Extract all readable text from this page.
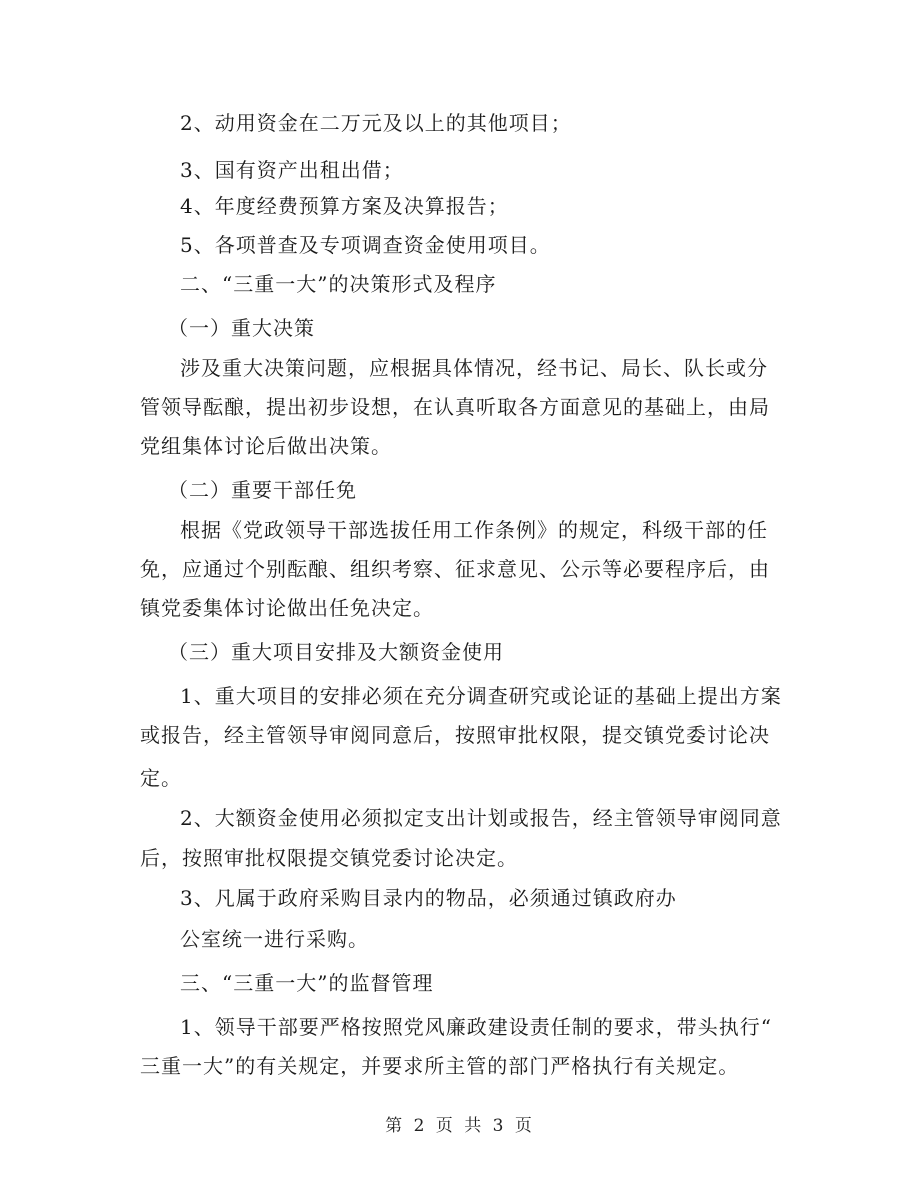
2、动用资金在二万元及以上的其他项目；
3、国有资产出租出借；
4、年度经费预算方案及决算报告；
5、各项普查及专项调查资金使用项目。
二、“三重一大”的决策形式及程序
（一）重大决策
涉及重大决策问题，应根据具体情况，经书记、局长、队长或分
管领导酝酿，提出初步设想，在认真听取各方面意见的基础上，由局
党组集体讨论后做出决策。
（二）重要干部任免
根据《党政领导干部选拔任用工作条例》的规定，科级干部的任
免，应通过个别酝酿、组织考察、征求意见、公示等必要程序后，由
镇党委集体讨论做出任免决定。
（三）重大项目安排及大额资金使用
1、重大项目的安排必须在充分调查研究或论证的基础上提出方案
或报告，经主管领导审阅同意后，按照审批权限，提交镇党委讨论决
定。
2、大额资金使用必须拟定支出计划或报告，经主管领导审阅同意
后，按照审批权限提交镇党委讨论决定。
3、凡属于政府采购目录内的物品，必须通过镇政府办
公室统一进行采购。
三、“三重一大”的监督管理
1、领导干部要严格按照党风廉政建设责任制的要求，带头执行“
三重一大”的有关规定，并要求所主管的部门严格执行有关规定。
第 2 页 共 3 页
